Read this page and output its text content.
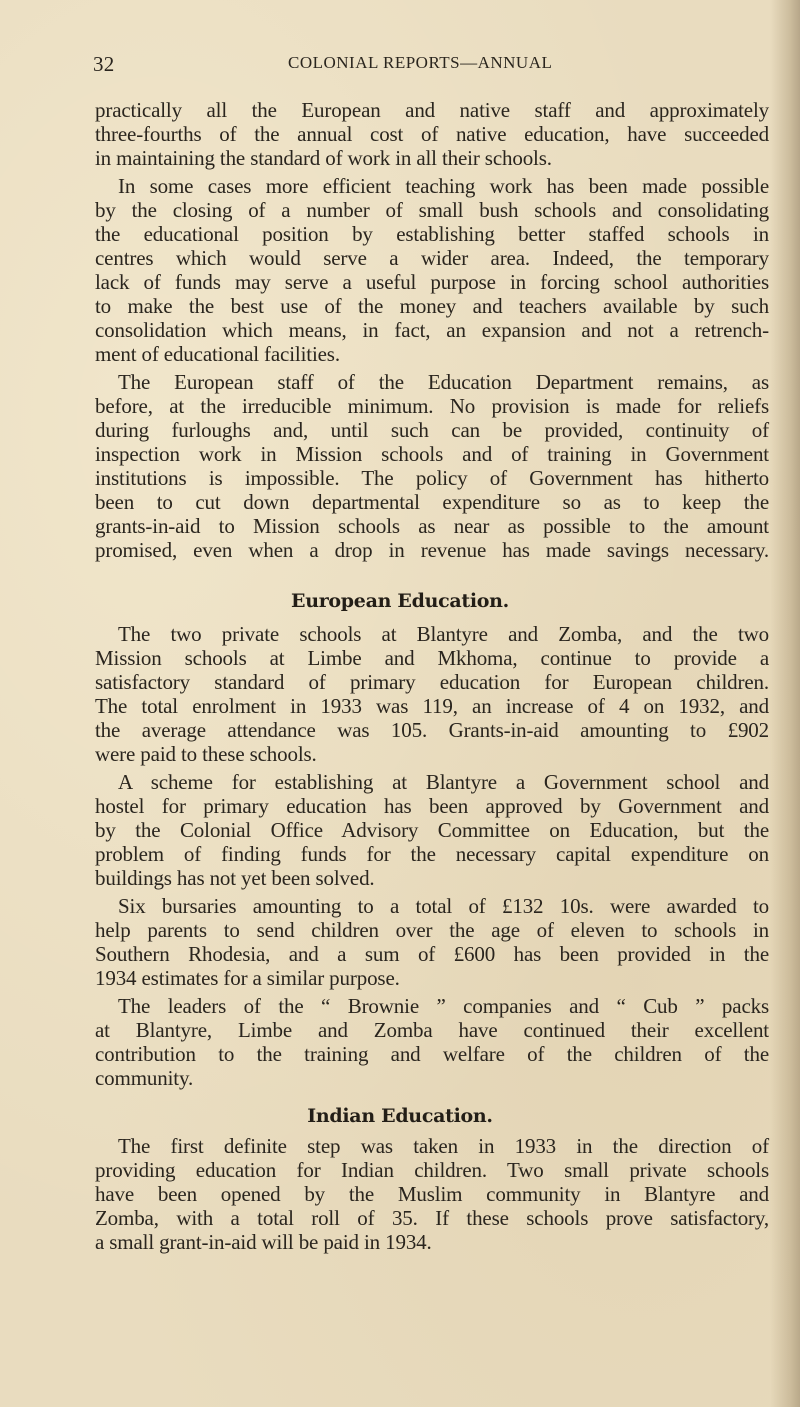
32	COLONIAL REPORTS—ANNUAL
practically all the European and native staff and approximately
three-fourths of the annual cost of native education, have succeeded
in maintaining the standard of work in all their schools.
In some cases more efficient teaching work has been made possible
by the closing of a number of small bush schools and consolidating
the educational position by establishing better staffed schools in
centres which would serve a wider area. Indeed, the temporary
lack of funds may serve a useful purpose in forcing school authorities
to make the best use of the money and teachers available by such
consolidation which means, in fact, an expansion and not a retrench-
ment of educational facilities.
The European staff of the Education Department remains, as
before, at the irreducible minimum. No provision is made for reliefs
during furloughs and, until such can be provided, continuity of
inspection work in Mission schools and of training in Government
institutions is impossible. The policy of Government has hitherto
been to cut down departmental expenditure so as to keep the
grants-in-aid to Mission schools as near as possible to the amount
promised, even when a drop in revenue has made savings necessary.
European Education.
The two private schools at Blantyre and Zomba, and the two
Mission schools at Limbe and Mkhoma, continue to provide a
satisfactory standard of primary education for European children.
The total enrolment in 1933 was 119, an increase of 4 on 1932, and
the average attendance was 105. Grants-in-aid amounting to £902
were paid to these schools.
A scheme for establishing at Blantyre a Government school and
hostel for primary education has been approved by Government and
by the Colonial Office Advisory Committee on Education, but the
problem of finding funds for the necessary capital expenditure on
buildings has not yet been solved.
Six bursaries amounting to a total of £132 10s. were awarded to
help parents to send children over the age of eleven to schools in
Southern Rhodesia, and a sum of £600 has been provided in the
1934 estimates for a similar purpose.
The leaders of the “ Brownie ” companies and “ Cub ” packs
at Blantyre, Limbe and Zomba have continued their excellent
contribution to the training and welfare of the children of the
community.
Indian Education.
The first definite step was taken in 1933 in the direction of
providing education for Indian children. Two small private schools
have been opened by the Muslim community in Blantyre and
Zomba, with a total roll of 35. If these schools prove satisfactory,
a small grant-in-aid will be paid in 1934.
